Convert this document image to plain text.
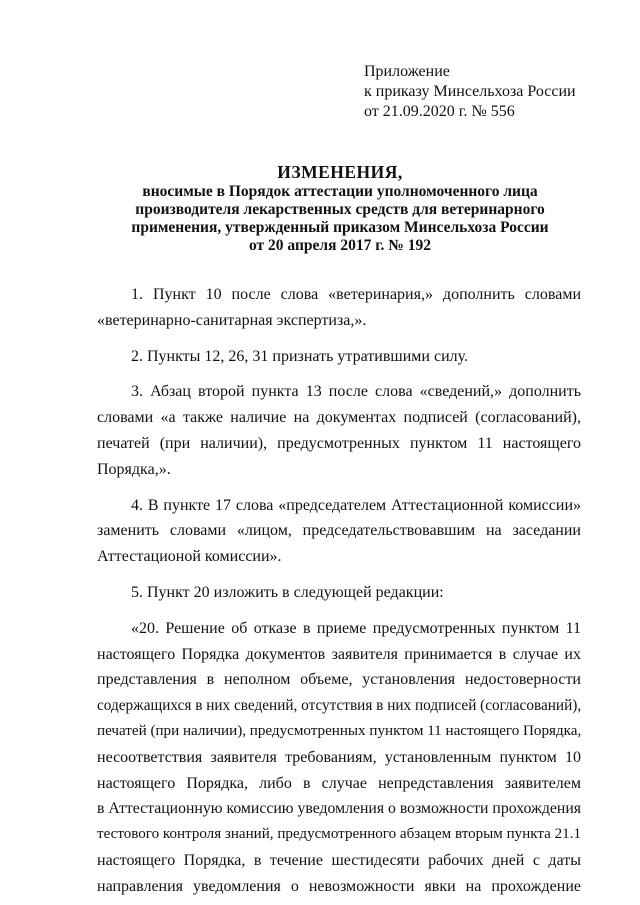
Приложение
к приказу Минсельхоза России
от 21.09.2020 г. № 556
ИЗМЕНЕНИЯ,
вносимые в Порядок аттестации уполномоченного лица
производителя лекарственных средств для ветеринарного
применения, утвержденный приказом Минсельхоза России
от 20 апреля 2017 г. № 192
1. Пункт 10 после слова «ветеринария,» дополнить словами
«ветеринарно-санитарная экспертиза,».
2. Пункты 12, 26, 31 признать утратившими силу.
3. Абзац второй пункта 13 после слова «сведений,» дополнить
словами «а также наличие на документах подписей (согласований),
печатей (при наличии), предусмотренных пунктом 11 настоящего
Порядка,».
4. В пункте 17 слова «председателем Аттестационной комиссии»
заменить словами «лицом, председательствовавшим на заседании
Аттестационой комиссии».
5. Пункт 20 изложить в следующей редакции:
«20. Решение об отказе в приеме предусмотренных пунктом 11
настоящего Порядка документов заявителя принимается в случае их
представления в неполном объеме, установления недостоверности
содержащихся в них сведений, отсутствия в них подписей (согласований),
печатей (при наличии), предусмотренных пунктом 11 настоящего Порядка,
несоответствия заявителя требованиям, установленным пунктом 10
настоящего Порядка, либо в случае непредставления заявителем
в Аттестационную комиссию уведомления о возможности прохождения
тестового контроля знаний, предусмотренного абзацем вторым пункта 21.1
настоящего Порядка, в течение шестидесяти рабочих дней с даты
направления уведомления о невозможности явки на прохождение
